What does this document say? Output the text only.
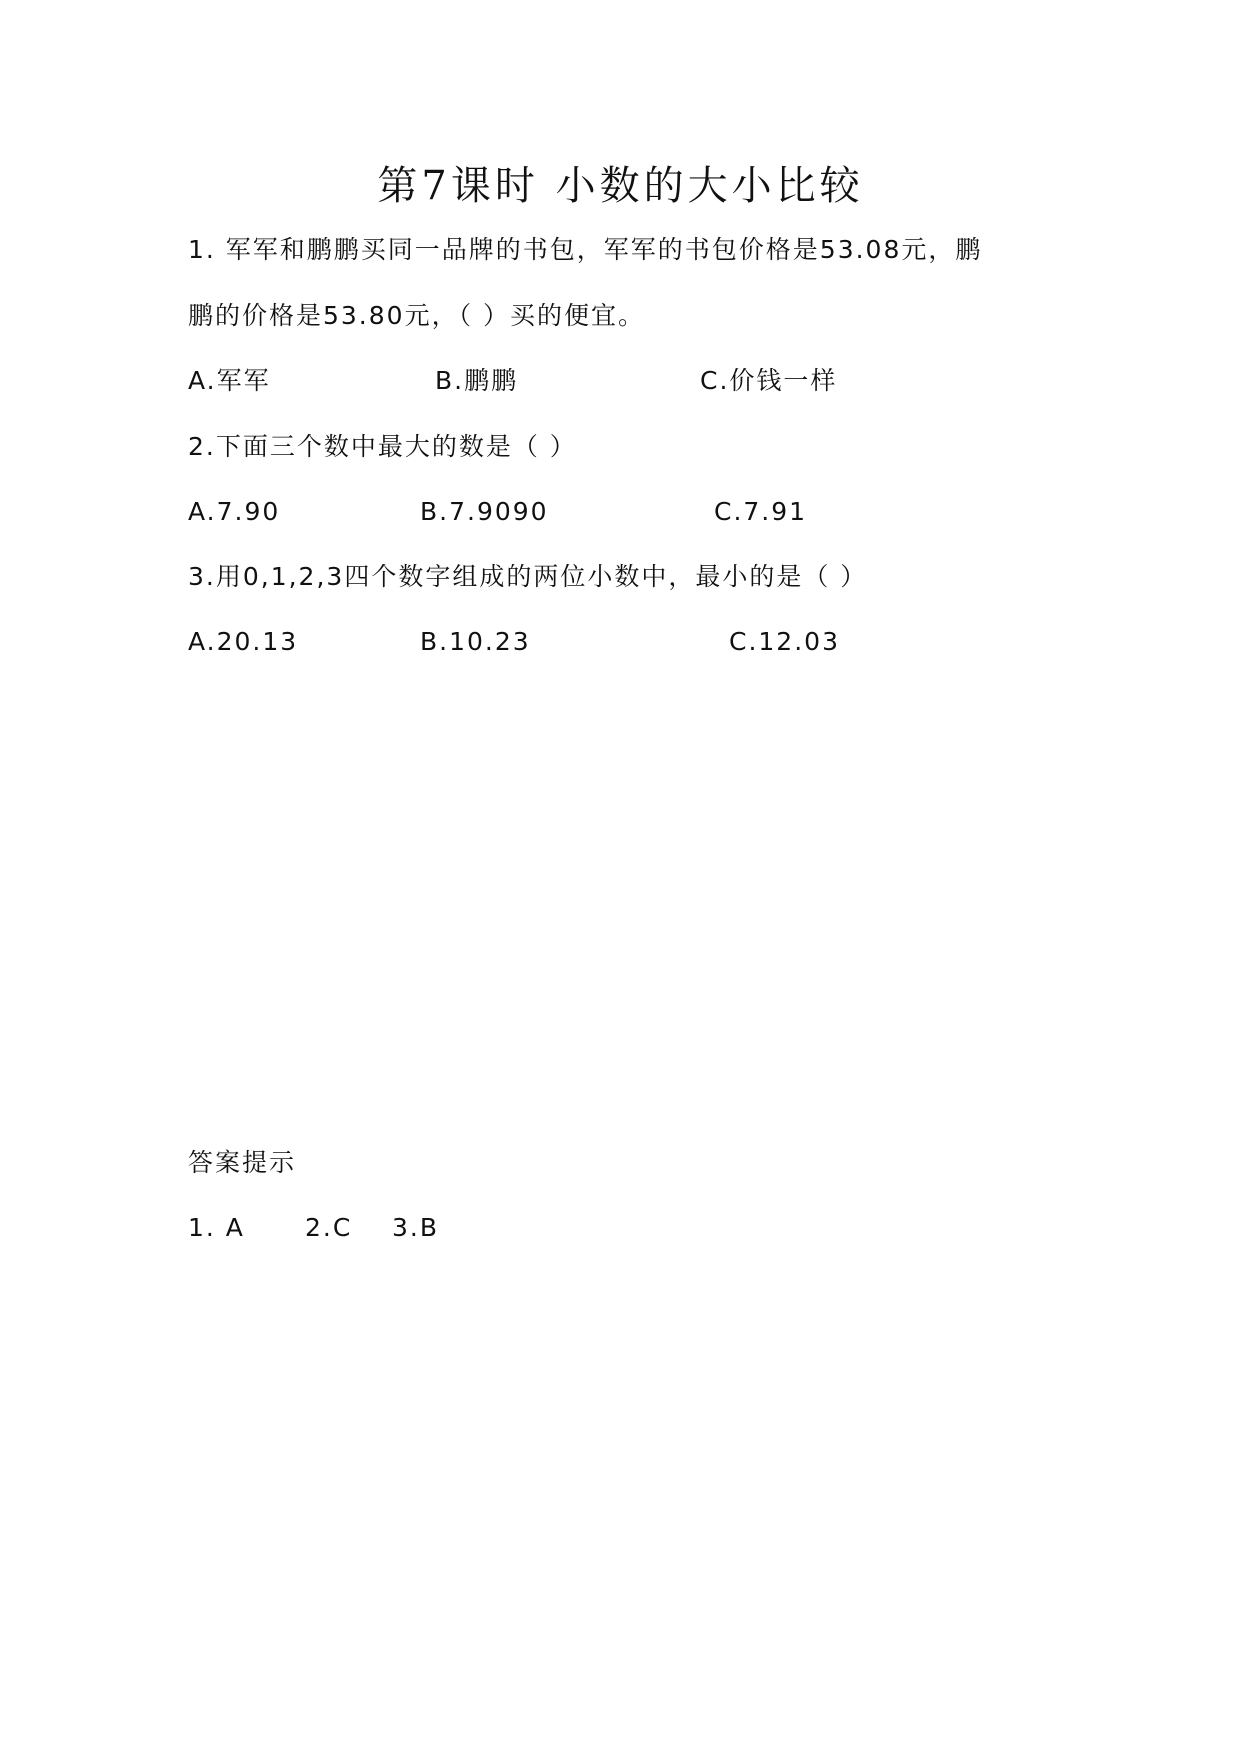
第7课时 小数的大小比较
1. 军军和鹏鹏买同一品牌的书包，军军的书包价格是53.08元，鹏
鹏的价格是53.80元，（ ）买的便宜。
A.军军	B.鹏鹏	C.价钱一样
2.下面三个数中最大的数是（ ）
A.7.90	B.7.9090	C.7.91
3.用0,1,2,3四个数字组成的两位小数中，最小的是（ ）
A.20.13	B.10.23	C.12.03
答案提示
1. A 2.C 3.B
